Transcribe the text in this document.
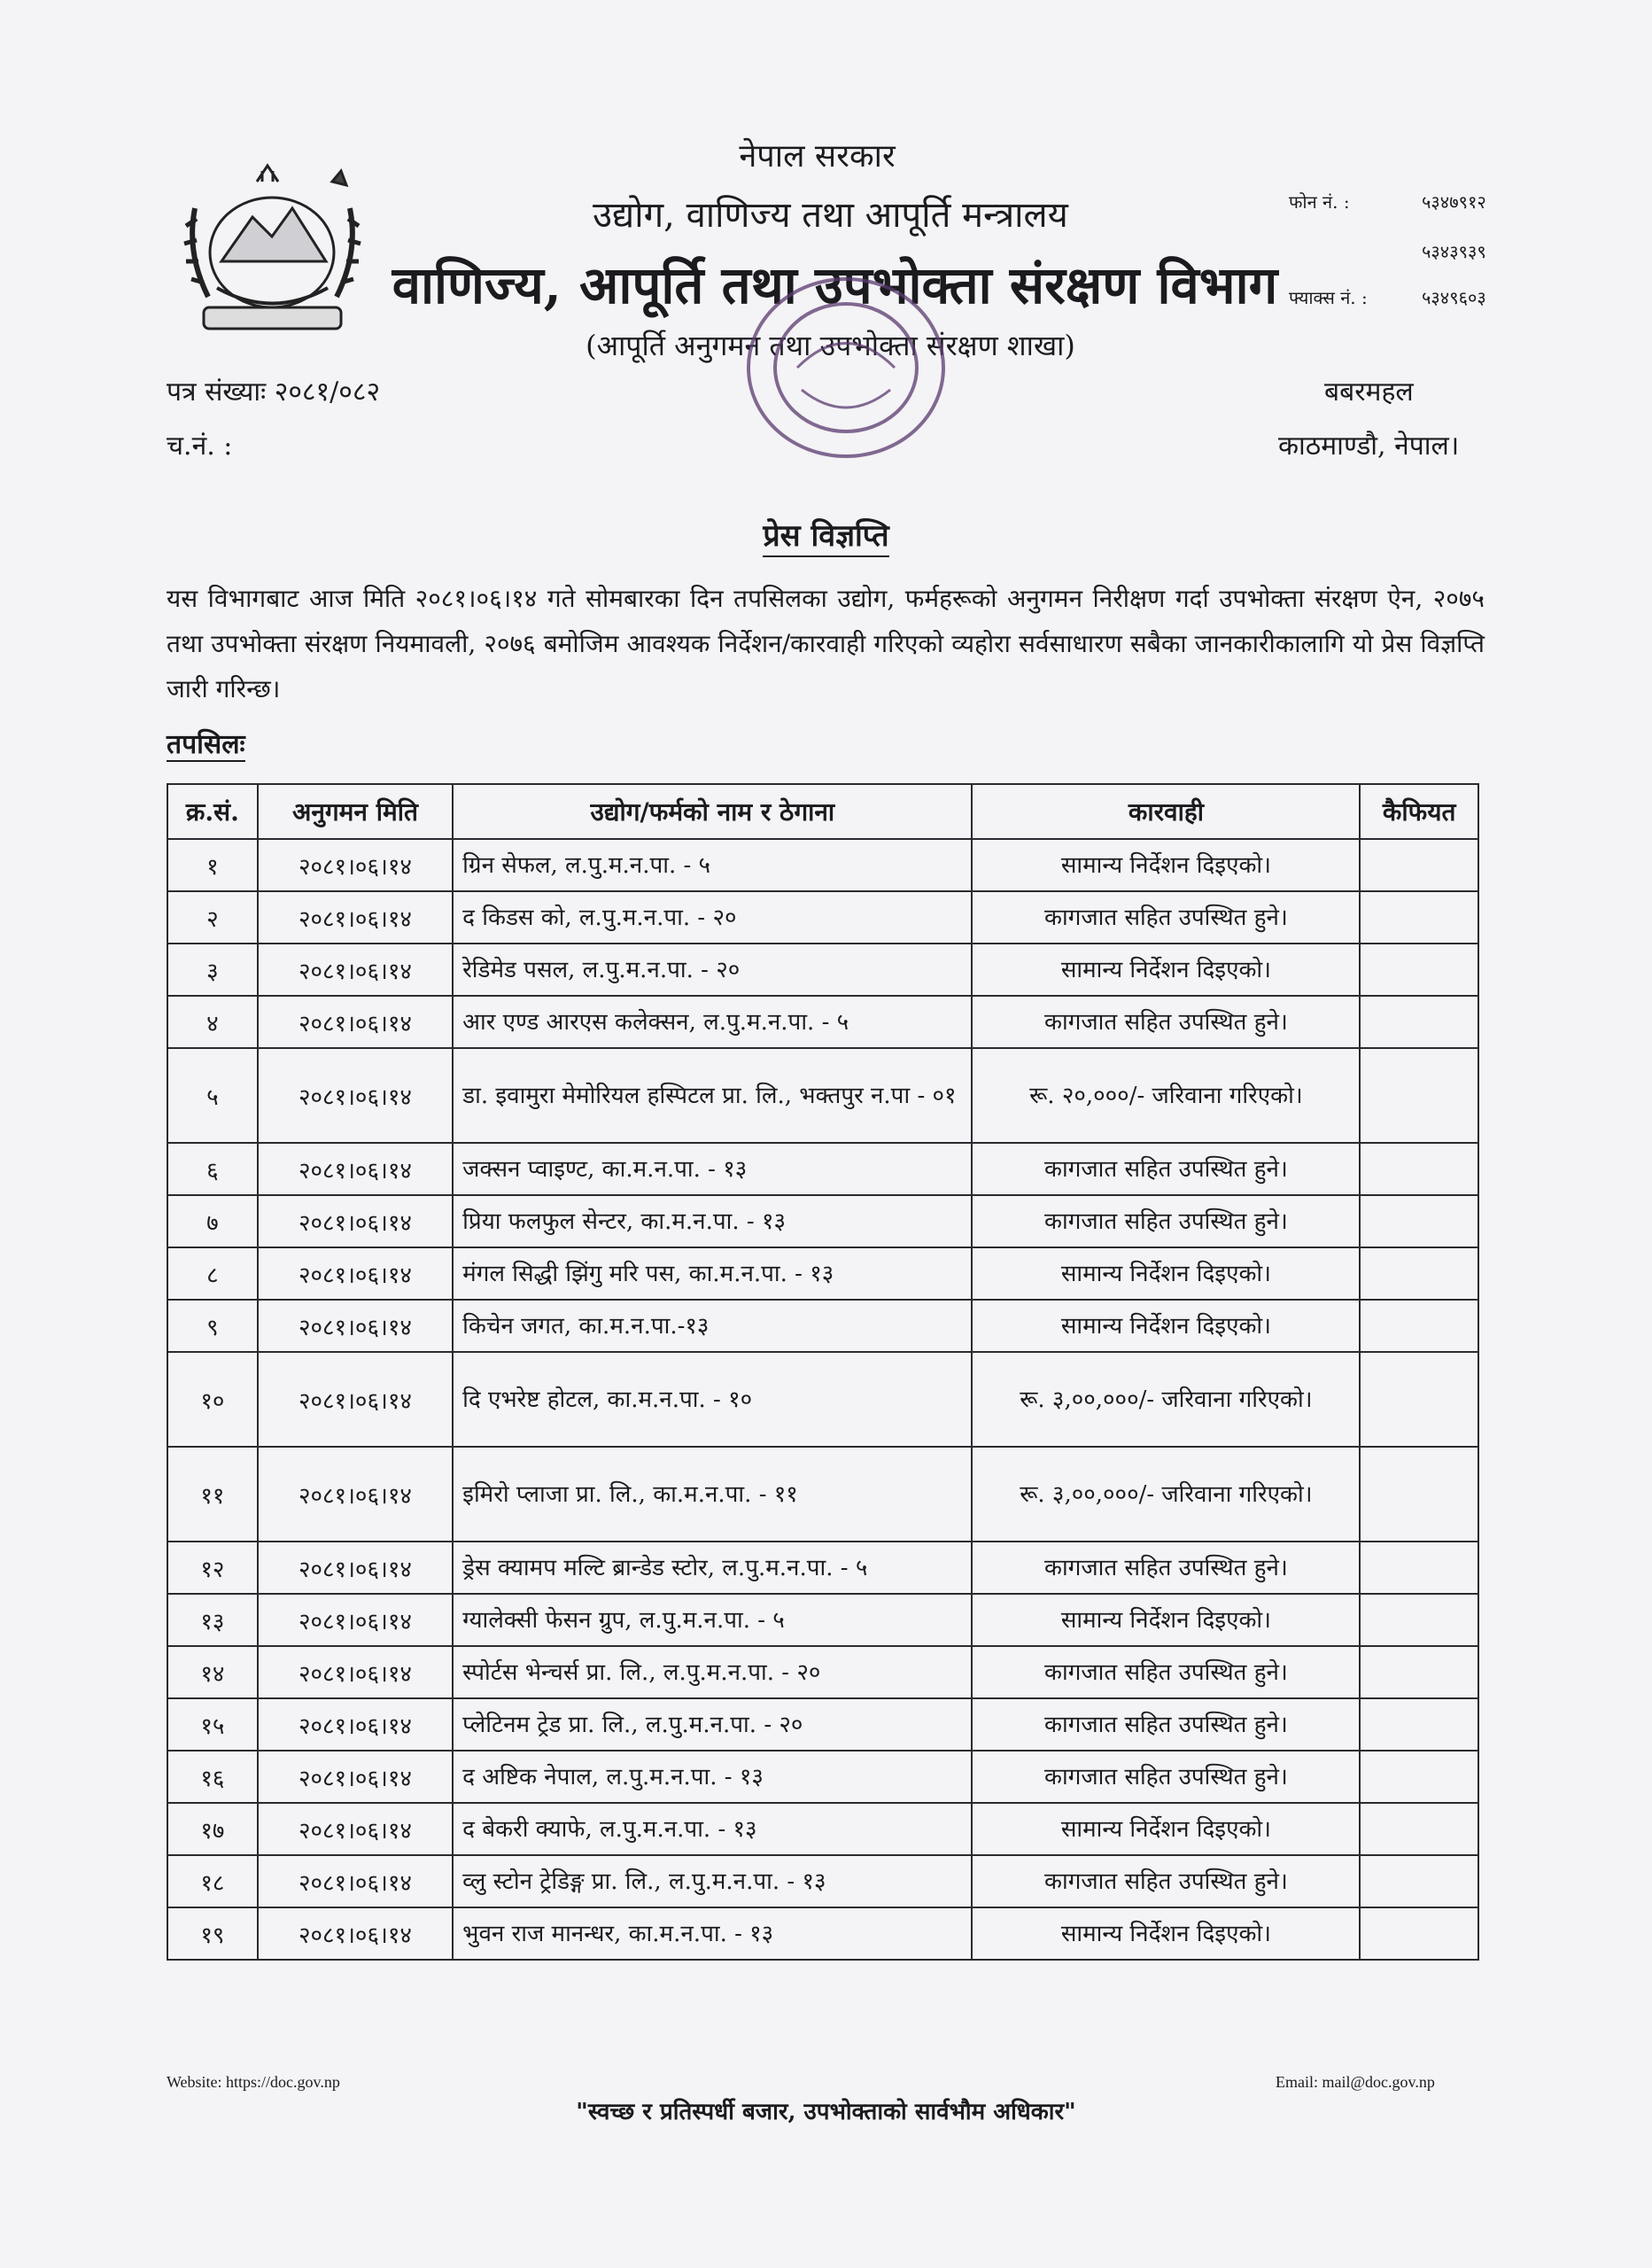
नेपाल सरकार
उद्योग, वाणिज्य तथा आपूर्ति मन्त्रालय
वाणिज्य, आपूर्ति तथा उपभोक्ता संरक्षण विभाग
(आपूर्ति अनुगमन तथा उपभोक्ता संरक्षण शाखा)
फोन नं. :	५३४७९१२
५३४३९३९
फ्याक्स नं. :	५३४९६०३
पत्र संख्याः २०८१/०८२
च.नं. :
बबरमहल
काठमाण्डौ, नेपाल।
प्रेस विज्ञप्ति
यस विभागबाट आज मिति २०८१।०६।१४ गते सोमबारका दिन तपसिलका उद्योग, फर्महरूको अनुगमन निरीक्षण गर्दा उपभोक्ता संरक्षण ऐन, २०७५ तथा उपभोक्ता संरक्षण नियमावली, २०७६ बमोजिम आवश्यक निर्देशन/कारवाही गरिएको व्यहोरा सर्वसाधारण सबैका जानकारीकालागि यो प्रेस विज्ञप्ति जारी गरिन्छ।
तपसिलः
क्र.सं.	अनुगमन मिति	उद्योग/फर्मको नाम र ठेगाना	कारवाही	कैफियत
१	२०८१।०६।१४	ग्रिन सेफल, ल.पु.म.न.पा. - ५	सामान्य निर्देशन दिइएको।	
२	२०८१।०६।१४	द किडस को, ल.पु.म.न.पा. - २०	कागजात सहित उपस्थित हुने।	
३	२०८१।०६।१४	रेडिमेड पसल, ल.पु.म.न.पा. - २०	सामान्य निर्देशन दिइएको।	
४	२०८१।०६।१४	आर एण्ड आरएस कलेक्सन, ल.पु.म.न.पा. - ५	कागजात सहित उपस्थित हुने।	
५	२०८१।०६।१४	डा. इवामुरा मेमोरियल हस्पिटल प्रा. लि., भक्तपुर न.पा - ०१	रू. २०,०००/- जरिवाना गरिएको।	
६	२०८१।०६।१४	जक्सन प्वाइण्ट, का.म.न.पा. - १३	कागजात सहित उपस्थित हुने।	
७	२०८१।०६।१४	प्रिया फलफुल सेन्टर, का.म.न.पा. - १३	कागजात सहित उपस्थित हुने।	
८	२०८१।०६।१४	मंगल सिद्धी झिंगु मरि पस, का.म.न.पा. - १३	सामान्य निर्देशन दिइएको।	
९	२०८१।०६।१४	किचेन जगत, का.म.न.पा.-१३	सामान्य निर्देशन दिइएको।	
१०	२०८१।०६।१४	दि एभरेष्ट होटल, का.म.न.पा. - १०	रू. ३,००,०००/- जरिवाना गरिएको।	
११	२०८१।०६।१४	इमिरो प्लाजा प्रा. लि., का.म.न.पा. - ११	रू. ३,००,०००/- जरिवाना गरिएको।	
१२	२०८१।०६।१४	ड्रेस क्यामप मल्टि ब्रान्डेड स्टोर, ल.पु.म.न.पा. - ५	कागजात सहित उपस्थित हुने।	
१३	२०८१।०६।१४	ग्यालेक्सी फेसन ग्रुप, ल.पु.म.न.पा. - ५	सामान्य निर्देशन दिइएको।	
१४	२०८१।०६।१४	स्पोर्टस भेन्चर्स प्रा. लि., ल.पु.म.न.पा. - २०	कागजात सहित उपस्थित हुने।	
१५	२०८१।०६।१४	प्लेटिनम ट्रेड प्रा. लि., ल.पु.म.न.पा. - २०	कागजात सहित उपस्थित हुने।	
१६	२०८१।०६।१४	द अष्टिक नेपाल, ल.पु.म.न.पा. - १३	कागजात सहित उपस्थित हुने।	
१७	२०८१।०६।१४	द बेकरी क्याफे, ल.पु.म.न.पा. - १३	सामान्य निर्देशन दिइएको।	
१८	२०८१।०६।१४	व्लु स्टोन ट्रेडिङ्ग प्रा. लि., ल.पु.म.न.पा. - १३	कागजात सहित उपस्थित हुने।	
१९	२०८१।०६।१४	भुवन राज मानन्धर, का.म.न.पा. - १३	सामान्य निर्देशन दिइएको।	
Website: https://doc.gov.np	Email: mail@doc.gov.np
"स्वच्छ र प्रतिस्पर्धी बजार, उपभोक्ताको सार्वभौम अधिकार"
